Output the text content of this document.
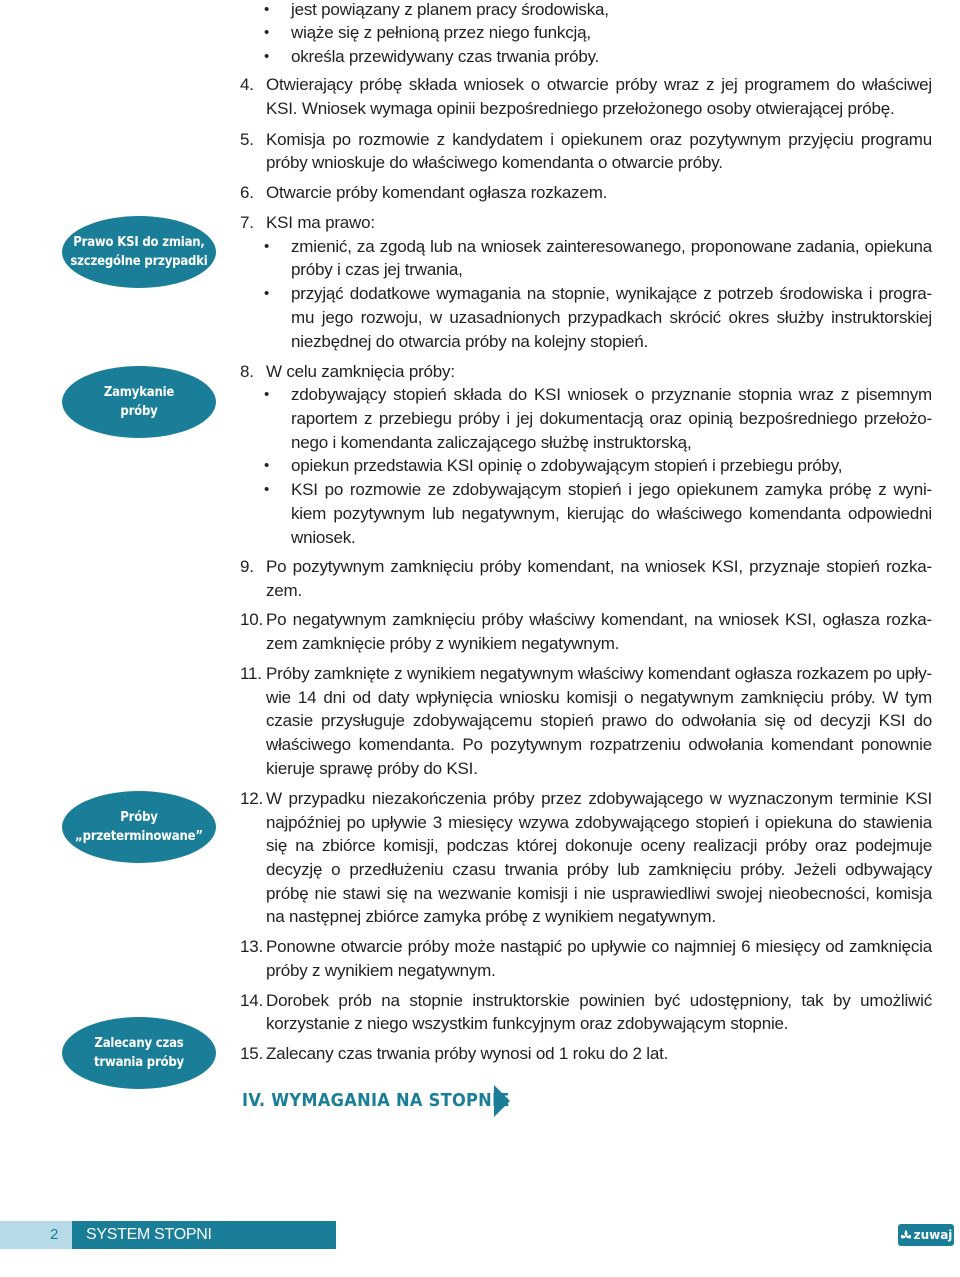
Prawo KSI do zmian,
szczególne przypadki
Zamykanie
próby
Próby
„przeterminowane”
Zalecany czas
trwania próby
• jest powiązany z planem pracy środowiska,
• wiąże się z pełnioną przez niego funkcją,
• określa przewidywany czas trwania próby.
4. Otwierający próbę składa wniosek o otwarcie próby wraz z jej programem do właściwej
KSI. Wniosek wymaga opinii bezpośredniego przełożonego osoby otwierającej próbę.
5. Komisja po rozmowie z kandydatem i opiekunem oraz pozytywnym przyjęciu programu
próby wnioskuje do właściwego komendanta o otwarcie próby.
6. Otwarcie próby komendant ogłasza rozkazem.
7. KSI ma prawo:
• zmienić, za zgodą lub na wniosek zainteresowanego, proponowane zadania, opiekuna
próby i czas jej trwania,
• przyjąć dodatkowe wymagania na stopnie, wynikające z potrzeb środowiska i progra-
mu jego rozwoju, w uzasadnionych przypadkach skrócić okres służby instruktorskiej
niezbędnej do otwarcia próby na kolejny stopień.
8. W celu zamknięcia próby:
• zdobywający stopień składa do KSI wniosek o przyznanie stopnia wraz z pisemnym
raportem z przebiegu próby i jej dokumentacją oraz opinią bezpośredniego przełożo-
nego i komendanta zaliczającego służbę instruktorską,
• opiekun przedstawia KSI opinię o zdobywającym stopień i przebiegu próby,
• KSI po rozmowie ze zdobywającym stopień i jego opiekunem zamyka próbę z wyni-
kiem pozytywnym lub negatywnym, kierując do właściwego komendanta odpowiedni
wniosek.
9. Po pozytywnym zamknięciu próby komendant, na wniosek KSI, przyznaje stopień rozka-
zem.
10. Po negatywnym zamknięciu próby właściwy komendant, na wniosek KSI, ogłasza rozka-
zem zamknięcie próby z wynikiem negatywnym.
11. Próby zamknięte z wynikiem negatywnym właściwy komendant ogłasza rozkazem po upły-
wie 14 dni od daty wpłynięcia wniosku komisji o negatywnym zamknięciu próby. W tym
czasie przysługuje zdobywającemu stopień prawo do odwołania się od decyzji KSI do
właściwego komendanta. Po pozytywnym rozpatrzeniu odwołania komendant ponownie
kieruje sprawę próby do KSI.
12. W przypadku niezakończenia próby przez zdobywającego w wyznaczonym terminie KSI
najpóźniej po upływie 3 miesięcy wzywa zdobywającego stopień i opiekuna do stawienia
się na zbiórce komisji, podczas której dokonuje oceny realizacji próby oraz podejmuje
decyzję o przedłużeniu czasu trwania próby lub zamknięciu próby. Jeżeli odbywający
próbę nie stawi się na wezwanie komisji i nie usprawiedliwi swojej nieobecności, komisja
na następnej zbiórce zamyka próbę z wynikiem negatywnym.
13. Ponowne otwarcie próby może nastąpić po upływie co najmniej 6 miesięcy od zamknięcia
próby z wynikiem negatywnym.
14. Dorobek prób na stopnie instruktorskie powinien być udostępniony, tak by umożliwić
korzystanie z niego wszystkim funkcyjnym oraz zdobywającym stopnie.
15. Zalecany czas trwania próby wynosi od 1 roku do 2 lat.
IV. WYMAGANIA NA STOPNIE
2	SYSTEM STOPNI INSTRUKTORSKICH
zuwaj
